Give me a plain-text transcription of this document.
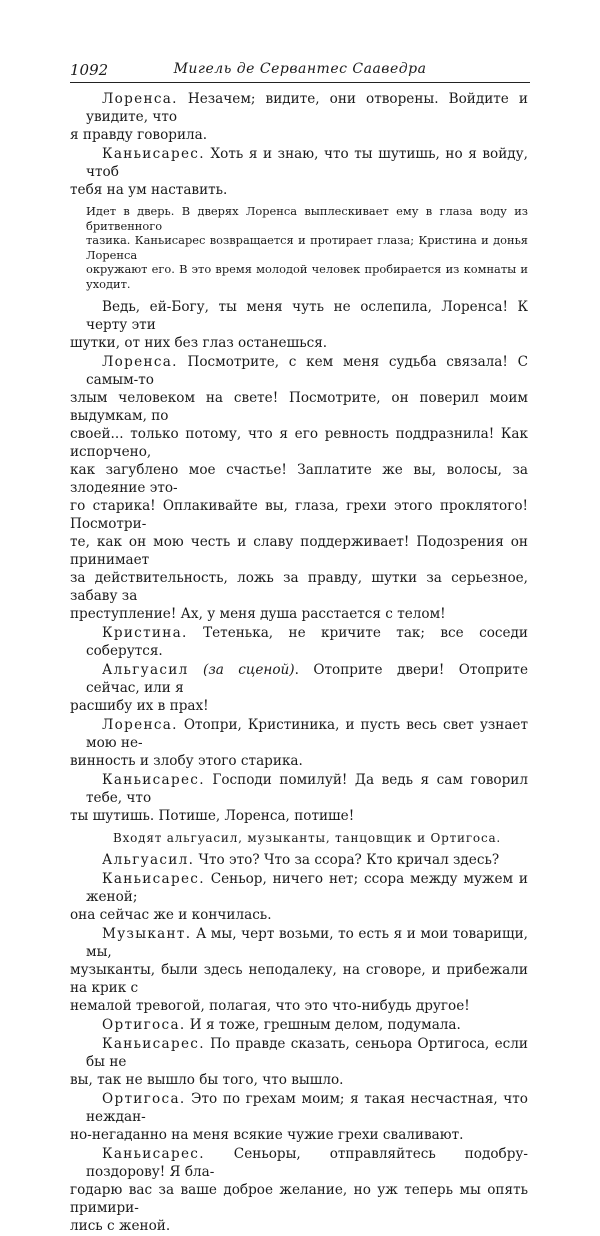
1092	Мигель де Сервантес Сааведра
Лоренса. Незачем; видите, они отворены. Войдите и увидите, что
я правду говорила.
Каньисарес. Хоть я и знаю, что ты шутишь, но я войду, чтоб
тебя на ум наставить.
Идет в дверь. В дверях Лоренса выплескивает ему в глаза воду из бритвенного
тазика. Каньисарес возвращается и протирает глаза; Кристина и донья Лоренса
окружают его. В это время молодой человек пробирается из комнаты и уходит.
Ведь, ей-Богу, ты меня чуть не ослепила, Лоренса! К черту эти
шутки, от них без глаз останешься.
Лоренса. Посмотрите, с кем меня судьба связала! С самым-то
злым человеком на свете! Посмотрите, он поверил моим выдумкам, по
своей... только потому, что я его ревность поддразнила! Как испорчено,
как загублено мое счастье! Заплатите же вы, волосы, за злодеяние это-
го старика! Оплакивайте вы, глаза, грехи этого проклятого! Посмотри-
те, как он мою честь и славу поддерживает! Подозрения он принимает
за действительность, ложь за правду, шутки за серьезное, забаву за
преступление! Ах, у меня душа расстается с телом!
Кристина. Тетенька, не кричите так; все соседи соберутся.
Альгуасил (за сценой). Отоприте двери! Отоприте сейчас, или я
расшибу их в прах!
Лоренса. Отопри, Кристиника, и пусть весь свет узнает мою не-
винность и злобу этого старика.
Каньисарес. Господи помилуй! Да ведь я сам говорил тебе, что
ты шутишь. Потише, Лоренса, потише!
Входят альгуасил, музыканты, танцовщик и Ортигоса.
Альгуасил. Что это? Что за ссора? Кто кричал здесь?
Каньисарес. Сеньор, ничего нет; ссора между мужем и женой;
она сейчас же и кончилась.
Музыкант. А мы, черт возьми, то есть я и мои товарищи, мы,
музыканты, были здесь неподалеку, на сговоре, и прибежали на крик с
немалой тревогой, полагая, что это что-нибудь другое!
Ортигоса. И я тоже, грешным делом, подумала.
Каньисарес. По правде сказать, сеньора Ортигоса, если бы не
вы, так не вышло бы того, что вышло.
Ортигоса. Это по грехам моим; я такая несчастная, что неждан-
но-негаданно на меня всякие чужие грехи сваливают.
Каньисарес. Сеньоры, отправляйтесь подобру-поздорову! Я бла-
годарю вас за ваше доброе желание, но уж теперь мы опять примири-
лись с женой.
